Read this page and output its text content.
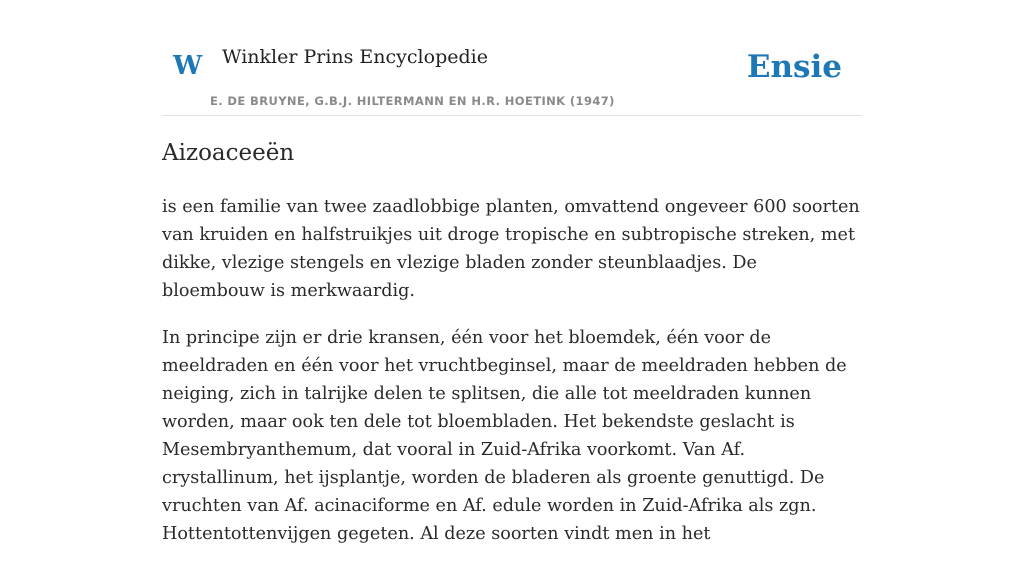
W Winkler Prins Encyclopedie
E. DE BRUYNE, G.B.J. HILTERMANN EN H.R. HOETINK (1947)
Ensie
Aizoaceeën

is een familie van twee zaadlobbige planten, omvattend ongeveer 600 soorten van kruiden en halfstruikjes uit droge tropische en subtropische streken, met dikke, vlezige stengels en vlezige bladen zonder steunblaadjes. De bloembouw is merkwaardig.

In principe zijn er drie kransen, één voor het bloemdek, één voor de meeldraden en één voor het vruchtbeginsel, maar de meeldraden hebben de neiging, zich in talrijke delen te splitsen, die alle tot meeldraden kunnen worden, maar ook ten dele tot bloembladen. Het bekendste geslacht is Mesembryanthemum, dat vooral in Zuid-Afrika voorkomt. Van Af. crystallinum, het ijsplantje, worden de bladeren als groente genuttigd. De vruchten van Af. acinaciforme en Af. edule worden in Zuid-Afrika als zgn. Hottentottenvijgen gegeten. Al deze soorten vindt men in het
